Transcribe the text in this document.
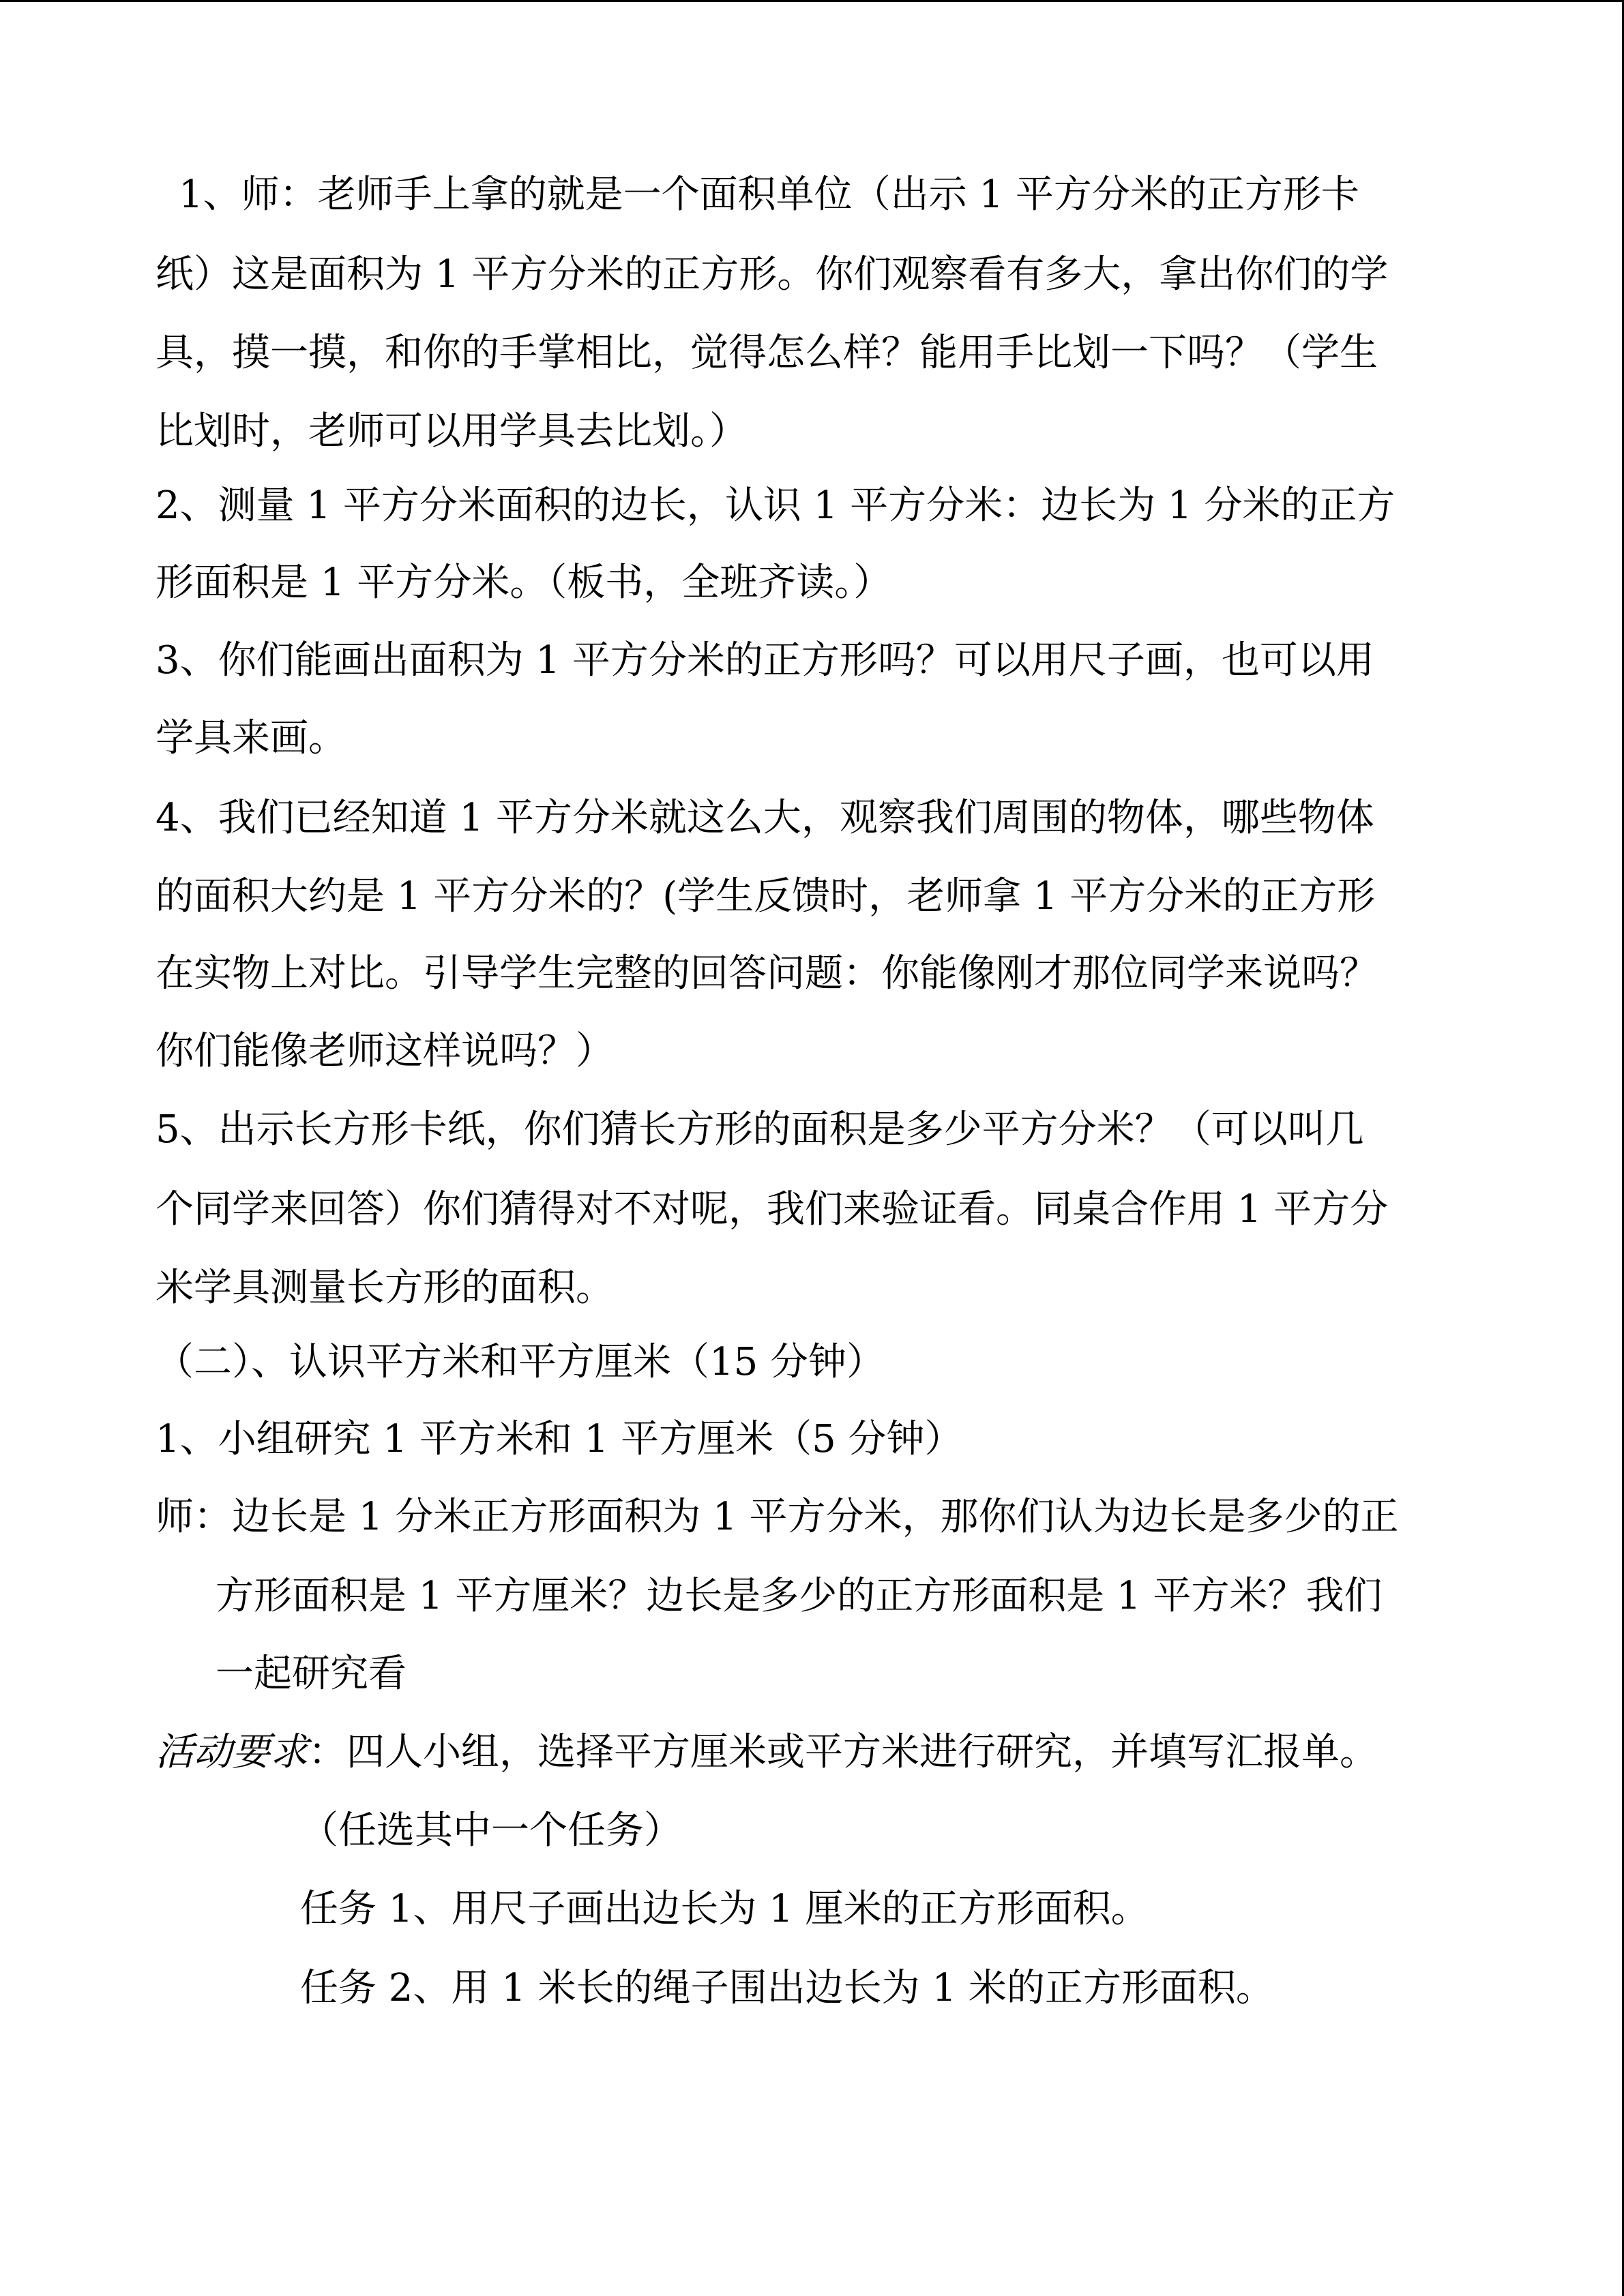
1、师：老师手上拿的就是一个面积单位（出示 1 平方分米的正方形卡
纸）这是面积为 1 平方分米的正方形。你们观察看有多大，拿出你们的学
具，摸一摸，和你的手掌相比，觉得怎么样？能用手比划一下吗？（学生
比划时，老师可以用学具去比划。）
2、测量 1 平方分米面积的边长，认识 1 平方分米：边长为 1 分米的正方
形面积是 1 平方分米。（板书，全班齐读。）
3、你们能画出面积为 1 平方分米的正方形吗？可以用尺子画，也可以用
学具来画。
4、我们已经知道 1 平方分米就这么大，观察我们周围的物体，哪些物体
的面积大约是 1 平方分米的？(学生反馈时，老师拿 1 平方分米的正方形
在实物上对比。引导学生完整的回答问题：你能像刚才那位同学来说吗？
你们能像老师这样说吗？）
5、出示长方形卡纸，你们猜长方形的面积是多少平方分米？（可以叫几
个同学来回答）你们猜得对不对呢，我们来验证看。同桌合作用 1 平方分
米学具测量长方形的面积。
（二）、认识平方米和平方厘米（15 分钟）
1、小组研究 1 平方米和 1 平方厘米（5 分钟）
师：边长是 1 分米正方形面积为 1 平方分米，那你们认为边长是多少的正
方形面积是 1 平方厘米？边长是多少的正方形面积是 1 平方米？我们
一起研究看
活动要求：四人小组，选择平方厘米或平方米进行研究，并填写汇报单。
（任选其中一个任务）
任务 1、用尺子画出边长为 1 厘米的正方形面积。
任务 2、用 1 米长的绳子围出边长为 1 米的正方形面积。
